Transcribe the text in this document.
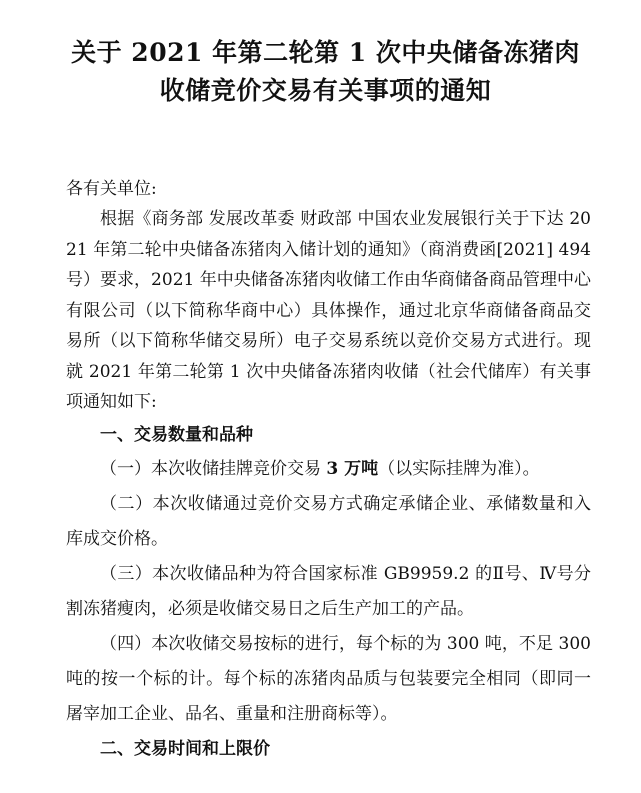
关于 2021 年第二轮第 1 次中央储备冻猪肉
收储竞价交易有关事项的通知
各有关单位:

根据《商务部 发展改革委 财政部 中国农业发展银行关于下达 2021 年第二轮中央储备冻猪肉入储计划的通知》（商消费函[2021] 494 号）要求，2021 年中央储备冻猪肉收储工作由华商储备商品管理中心有限公司（以下简称华商中心）具体操作，通过北京华商储备商品交易所（以下简称华储交易所）电子交易系统以竞价交易方式进行。现就 2021 年第二轮第 1 次中央储备冻猪肉收储（社会代储库）有关事项通知如下:

一、交易数量和品种

（一）本次收储挂牌竞价交易 3 万吨（以实际挂牌为准）。

（二）本次收储通过竞价交易方式确定承储企业、承储数量和入库成交价格。

（三）本次收储品种为符合国家标准 GB9959.2 的Ⅱ号、Ⅳ号分割冻猪瘦肉，必须是收储交易日之后生产加工的产品。

（四）本次收储交易按标的进行，每个标的为 300 吨，不足 300 吨的按一个标的计。每个标的冻猪肉品质与包装要完全相同（即同一屠宰加工企业、品名、重量和注册商标等）。

二、交易时间和上限价
